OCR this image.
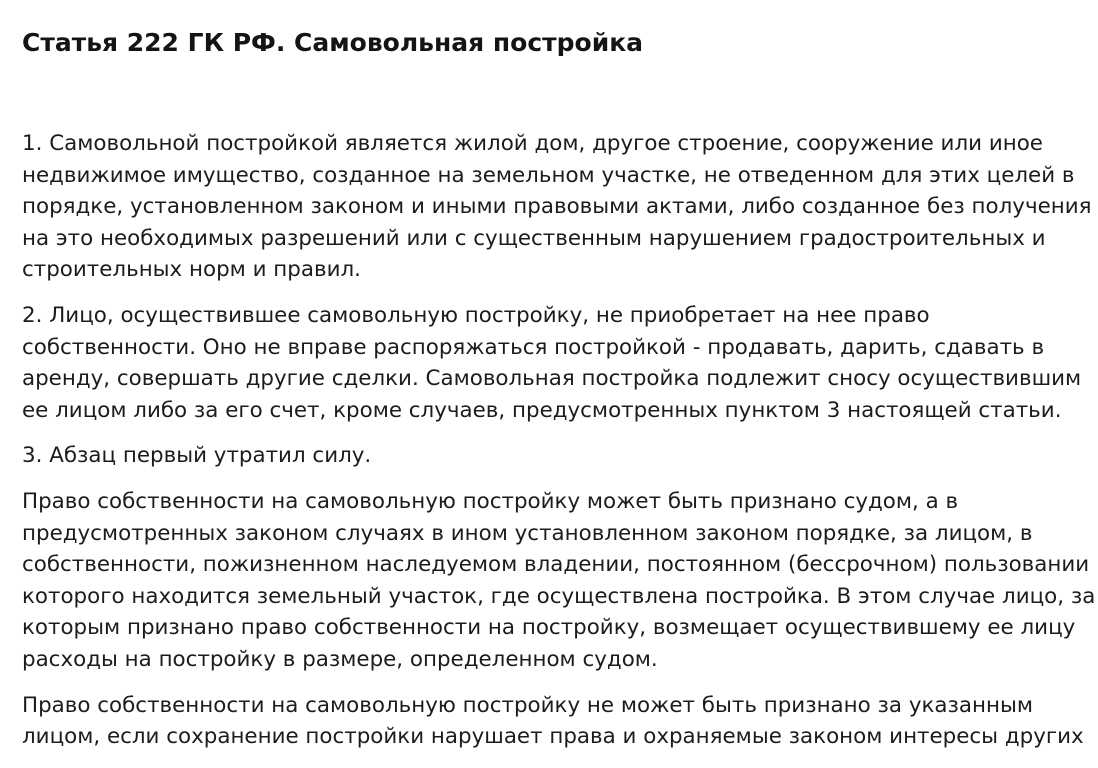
Статья 222 ГК РФ. Самовольная постройка

1. Самовольной постройкой является жилой дом, другое строение, сооружение или иное
недвижимое имущество, созданное на земельном участке, не отведенном для этих целей в
порядке, установленном законом и иными правовыми актами, либо созданное без получения
на это необходимых разрешений или с существенным нарушением градостроительных и
строительных норм и правил.

2. Лицо, осуществившее самовольную постройку, не приобретает на нее право
собственности. Оно не вправе распоряжаться постройкой - продавать, дарить, сдавать в
аренду, совершать другие сделки. Самовольная постройка подлежит сносу осуществившим
ее лицом либо за его счет, кроме случаев, предусмотренных пунктом 3 настоящей статьи.

3. Абзац первый утратил силу.

Право собственности на самовольную постройку может быть признано судом, а в
предусмотренных законом случаях в ином установленном законом порядке, за лицом, в
собственности, пожизненном наследуемом владении, постоянном (бессрочном) пользовании
которого находится земельный участок, где осуществлена постройка. В этом случае лицо, за
которым признано право собственности на постройку, возмещает осуществившему ее лицу
расходы на постройку в размере, определенном судом.

Право собственности на самовольную постройку не может быть признано за указанным
лицом, если сохранение постройки нарушает права и охраняемые законом интересы других
